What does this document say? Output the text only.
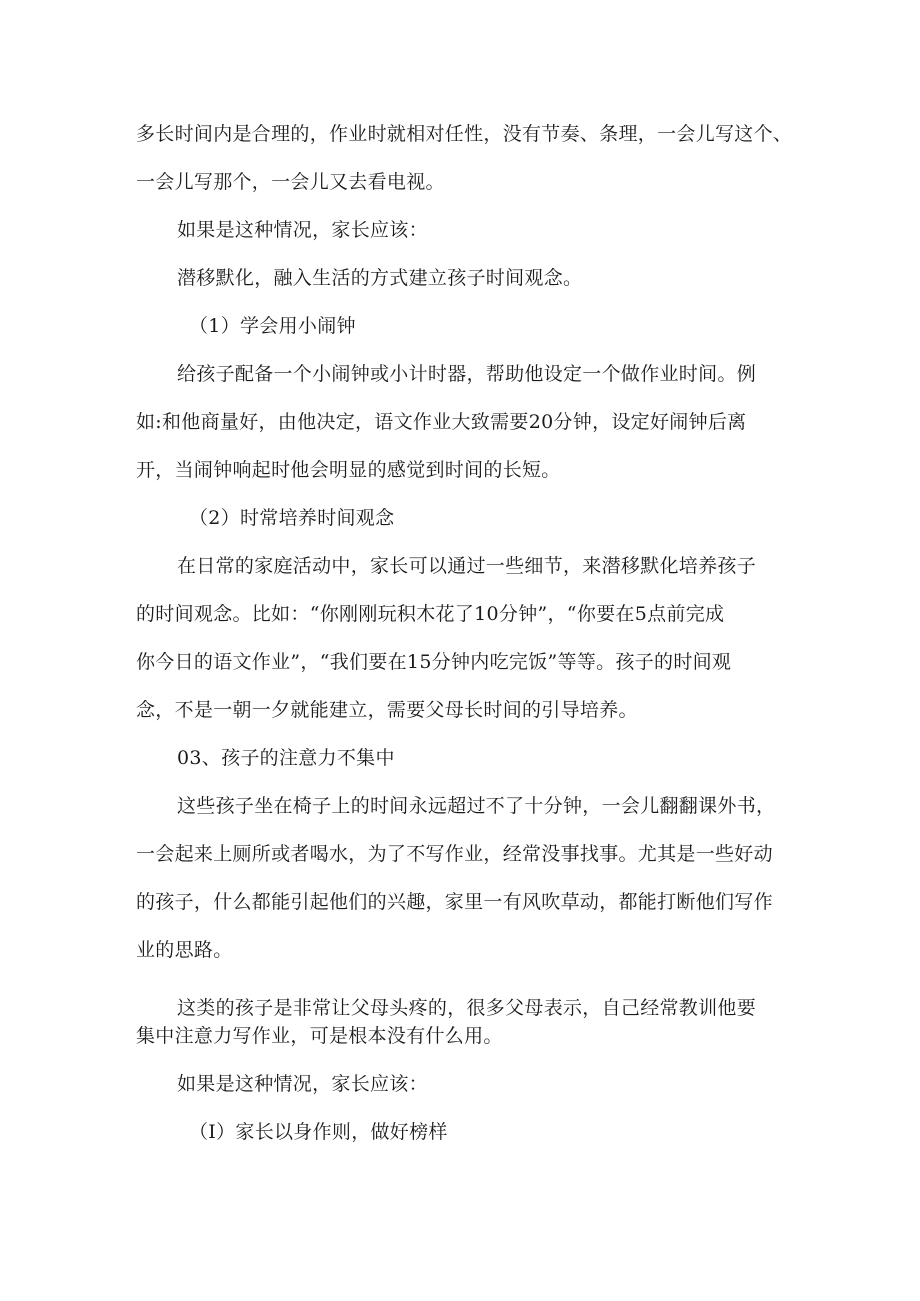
多长时间内是合理的，作业时就相对任性，没有节奏、条理，一会儿写这个、
一会儿写那个，一会儿又去看电视。
如果是这种情况，家长应该：
潜移默化，融入生活的方式建立孩子时间观念。
（1）学会用小闹钟
给孩子配备一个小闹钟或小计时器，帮助他设定一个做作业时间。例
如:和他商量好，由他决定，语文作业大致需要20分钟，设定好闹钟后离
开，当闹钟响起时他会明显的感觉到时间的长短。
（2）时常培养时间观念
在日常的家庭活动中，家长可以通过一些细节，来潜移默化培养孩子
的时间观念。比如：“你刚刚玩积木花了10分钟”，“你要在5点前完成
你今日的语文作业”，“我们要在15分钟内吃完饭”等等。孩子的时间观
念，不是一朝一夕就能建立，需要父母长时间的引导培养。
03、孩子的注意力不集中
这些孩子坐在椅子上的时间永远超过不了十分钟，一会儿翻翻课外书，
一会起来上厕所或者喝水，为了不写作业，经常没事找事。尤其是一些好动
的孩子，什么都能引起他们的兴趣，家里一有风吹草动，都能打断他们写作
业的思路。
这类的孩子是非常让父母头疼的，很多父母表示，自己经常教训他要
集中注意力写作业，可是根本没有什么用。
如果是这种情况，家长应该：
（I）家长以身作则，做好榜样
